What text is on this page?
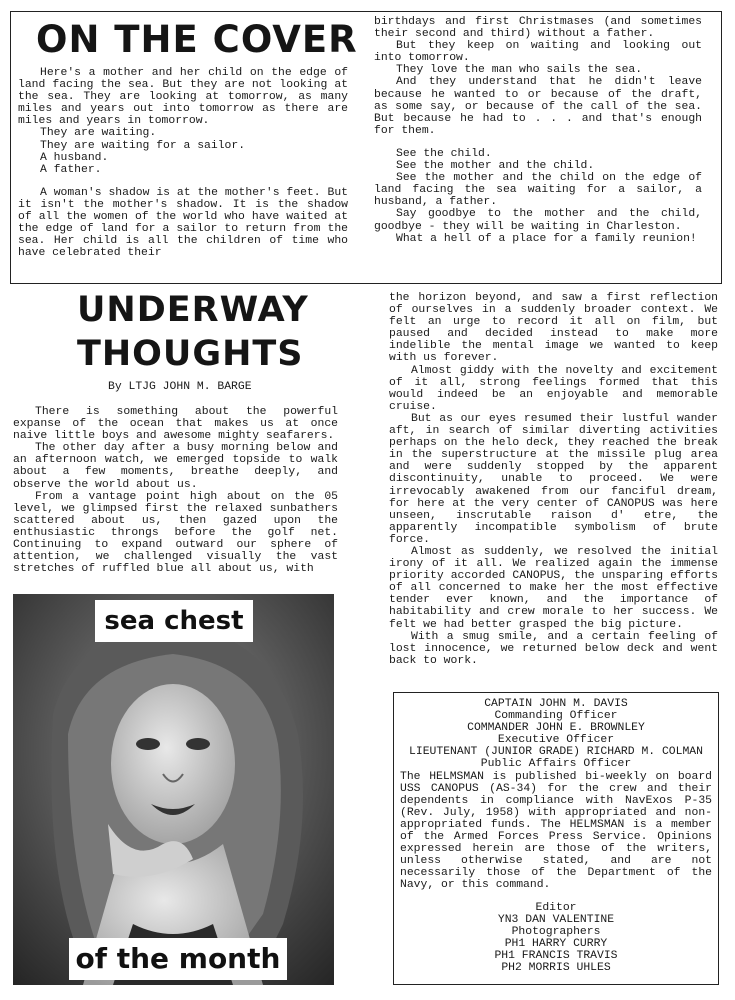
ON THE COVER

Here's a mother and her child on the edge of land facing the sea. But they are not looking at the sea. They are looking at tomorrow, as many miles and years out into tomorrow as there are miles and years in tomorrow.

They are waiting.

They are waiting for a sailor.

A husband.

A father.

A woman's shadow is at the mother's feet. But it isn't the mother's shadow. It is the shadow of all the women of the world who have waited at the edge of land for a sailor to return from the sea. Her child is all the children of time who have celebrated their

birthdays and first Christmases (and sometimes their second and third) without a father.

But they keep on waiting and looking out into tomorrow.

They love the man who sails the sea.

And they understand that he didn't leave because he wanted to or because of the draft, as some say, or because of the call of the sea. But because he had to . . . and that's enough for them.

See the child.

See the mother and the child.

See the mother and the child on the edge of land facing the sea waiting for a sailor, a husband, a father.

Say goodbye to the mother and the child, goodbye - they will be waiting in Charleston.

What a hell of a place for a family reunion!

UNDERWAY
THOUGHTS
By LTJG JOHN M. BARGE

There is something about the powerful expanse of the ocean that makes us at once naive little boys and awesome mighty seafarers.

The other day after a busy morning below and an afternoon watch, we emerged topside to walk about a few moments, breathe deeply, and observe the world about us.

From a vantage point high about on the 05 level, we glimpsed first the relaxed sunbathers scattered about us, then gazed upon the enthusiastic throngs before the golf net. Continuing to expand outward our sphere of attention, we challenged visually the vast stretches of ruffled blue all about us, with

the horizon beyond, and saw a first reflection of ourselves in a suddenly broader context. We felt an urge to record it all on film, but paused and decided instead to make more indelible the mental image we wanted to keep with us forever.

Almost giddy with the novelty and excitement of it all, strong feelings formed that this would indeed be an enjoyable and memorable cruise.

But as our eyes resumed their lustful wander aft, in search of similar diverting activities perhaps on the helo deck, they reached the break in the superstructure at the missile plug area and were suddenly stopped by the apparent discontinuity, unable to proceed. We were irrevocably awakened from our fanciful dream, for here at the very center of CANOPUS was here unseen, inscrutable raison d' etre, the apparently incompatible symbolism of brute force.

Almost as suddenly, we resolved the initial irony of it all. We realized again the immense priority accorded CANOPUS, the unsparing efforts of all concerned to make her the most effective tender ever known, and the importance of habitability and crew morale to her success. We felt we had better grasped the big picture.

With a smug smile, and a certain feeling of lost innocence, we returned below deck and went back to work.

sea chest
of the month

CAPTAIN JOHN M. DAVIS

Commanding Officer

COMMANDER JOHN E. BROWNLEY

Executive Officer

LIEUTENANT (JUNIOR GRADE) RICHARD M. COLMAN

Public Affairs Officer

The HELMSMAN is published bi-weekly on board USS CANOPUS (AS-34) for the crew and their dependents in compliance with NavExos P-35 (Rev. July, 1958) with appropriated and non-appropriated funds. The HELMSMAN is a member of the Armed Forces Press Service. Opinions expressed herein are those of the writers, unless otherwise stated, and are not necessarily those of the Department of the Navy, or this command.

Editor

YN3 DAN VALENTINE

Photographers

PH1 HARRY CURRY

PH1 FRANCIS TRAVIS

PH2 MORRIS UHLES
